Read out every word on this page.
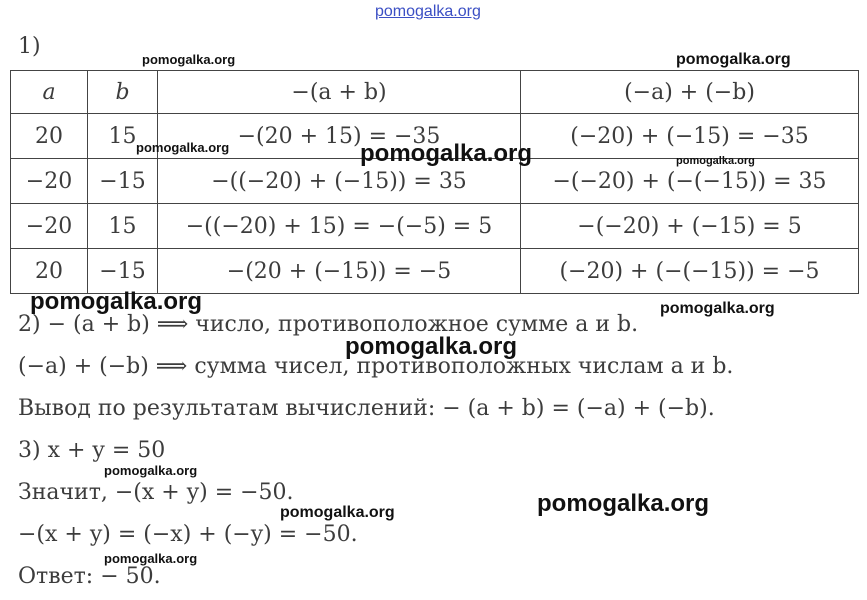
pomogalka.org
1)
a	b	−(a + b)	(−a) + (−b)
20	15	−(20 + 15) = −35	(−20) + (−15) = −35
−20	−15	−((−20) + (−15)) = 35	−(−20) + (−(−15)) = 35
−20	15	−((−20) + 15) = −(−5) = 5	−(−20) + (−15) = 5
20	−15	−(20 + (−15)) = −5	(−20) + (−(−15)) = −5
2) − (a + b) ⟹ число, противоположное сумме a и b.
(−a) + (−b) ⟹ сумма чисел, противоположных числам a и b.
Вывод по результатам вычислений: − (a + b) = (−a) + (−b).
3) x + y = 50
Значит, −(x + y) = −50.
−(x + y) = (−x) + (−y) = −50.
Ответ: − 50.
pomogalka.org	pomogalka.org
pomogalka.org	pomogalka.org	pomogalka.org
pomogalka.org	pomogalka.org
pomogalka.org
pomogalka.org
pomogalka.org
pomogalka.org
pomogalka.org
